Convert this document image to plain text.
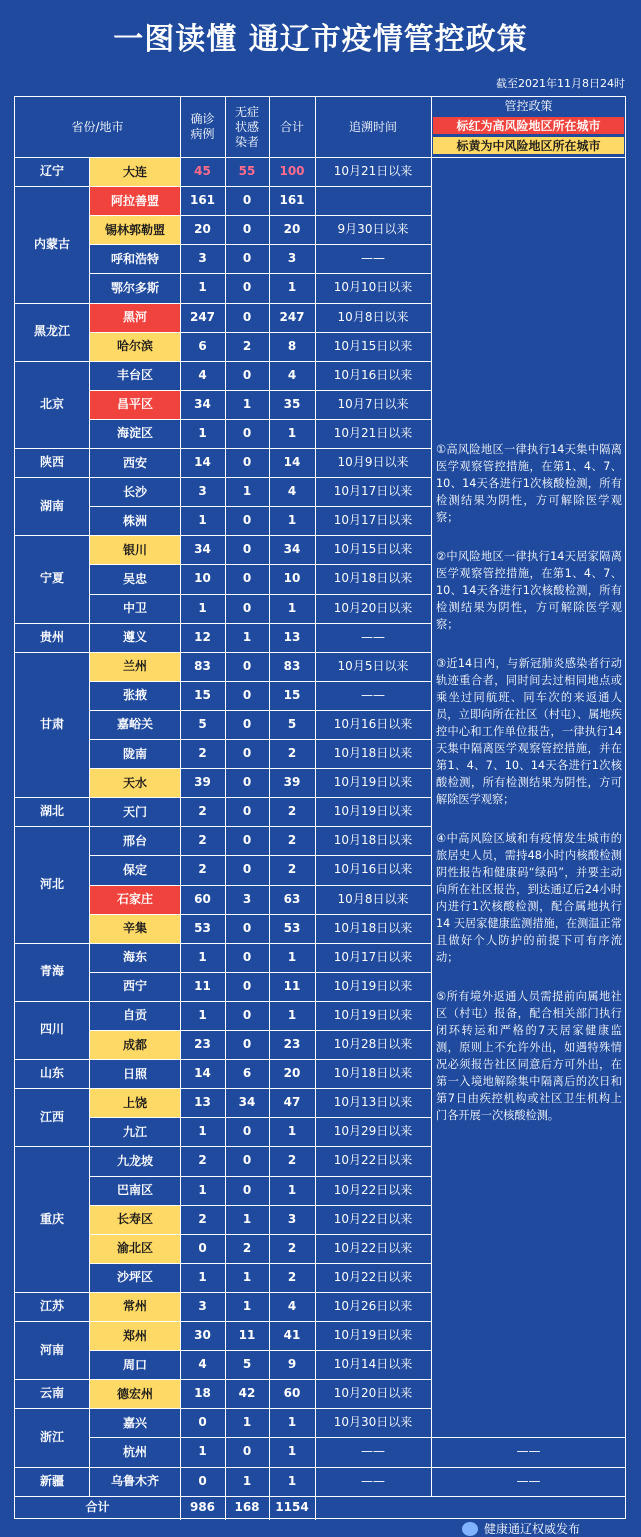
一图读懂 通辽市疫情管控政策
截至2021年11月8日24时
省份/地市
确诊
病例
无症
状感
染者
合计	追溯时间
管控政策
标红为高风险地区所在城市
标黄为中风险地区所在城市
辽宁	大连	45	55	100	10月21日以来
内蒙古
阿拉善盟	161	0	161
锡林郭勒盟	20	0	20	9月30日以来
呼和浩特	3	0	3	——
鄂尔多斯	1	0	1	10月10日以来
黑龙江
黑河	247	0	247	10月8日以来
哈尔滨	6	2	8	10月15日以来
北京
丰台区	4	0	4	10月16日以来
昌平区	34	1	35	10月7日以来
海淀区	1	0	1	10月21日以来
陕西	西安	14	0	14	10月9日以来
湖南
长沙	3	1	4	10月17日以来
株洲	1	0	1	10月17日以来
宁夏
银川	34	0	34	10月15日以来
吴忠	10	0	10	10月18日以来
中卫	1	0	1	10月20日以来
贵州	遵义	12	1	13	——
甘肃
兰州	83	0	83	10月5日以来
张掖	15	0	15	——
嘉峪关	5	0	5	10月16日以来
陇南	2	0	2	10月18日以来
天水	39	0	39	10月19日以来
湖北	天门	2	0	2	10月19日以来
河北
邢台	2	0	2	10月18日以来
保定	2	0	2	10月16日以来
石家庄	60	3	63	10月8日以来
辛集	53	0	53	10月18日以来
青海
海东	1	0	1	10月17日以来
西宁	11	0	11	10月19日以来
四川
自贡	1	0	1	10月19日以来
成都	23	0	23	10月28日以来
山东	日照	14	6	20	10月18日以来
江西
上饶	13	34	47	10月13日以来
九江	1	0	1	10月29日以来
重庆
九龙坡	2	0	2	10月22日以来
巴南区	1	0	1	10月22日以来
长寿区	2	1	3	10月22日以来
渝北区	0	2	2	10月22日以来
沙坪区	1	1	2	10月22日以来
江苏	常州	3	1	4	10月26日以来
河南
郑州	30	11	41	10月19日以来
周口	4	5	9	10月14日以来
云南	德宏州	18	42	60	10月20日以来
浙江
嘉兴	0	1	1	10月30日以来
杭州	1	0	1	——	——
新疆	乌鲁木齐	0	1	1	——	——
合计	986	168	1154

①高风险地区一律执行14天集中隔离医学观察管控措施，在第1、4、7、10、14天各进行1次核酸检测，所有检测结果为阴性，方可解除医学观察；

②中风险地区一律执行14天居家隔离医学观察管控措施，在第1、4、7、10、14天各进行1次核酸检测，所有检测结果为阴性，方可解除医学观察；

③近14日内，与新冠肺炎感染者行动轨迹重合者，同时间去过相同地点或乘坐过同航班、同车次的来返通人员，立即向所在社区（村屯）、属地疾控中心和工作单位报告，一律执行14天集中隔离医学观察管控措施，并在第1、4、7、10、14天各进行1次核酸检测，所有检测结果为阴性，方可解除医学观察；

④中高风险区域和有疫情发生城市的旅居史人员，需持48小时内核酸检测阴性报告和健康码“绿码”，并要主动向所在社区报告，到达通辽后24小时内进行1次核酸检测，配合属地执行 14 天居家健康监测措施，在测温正常且做好个人防护的前提下可有序流动；

⑤所有境外返通人员需提前向属地社区（村屯）报备，配合相关部门执行闭环转运和严格的7天居家健康监测，原则上不允许外出，如遇特殊情况必须报告社区同意后方可外出，在第一入境地解除集中隔离后的次日和第7日由疾控机构或社区卫生机构上门各开展一次核酸检测。

健康通辽权威发布
